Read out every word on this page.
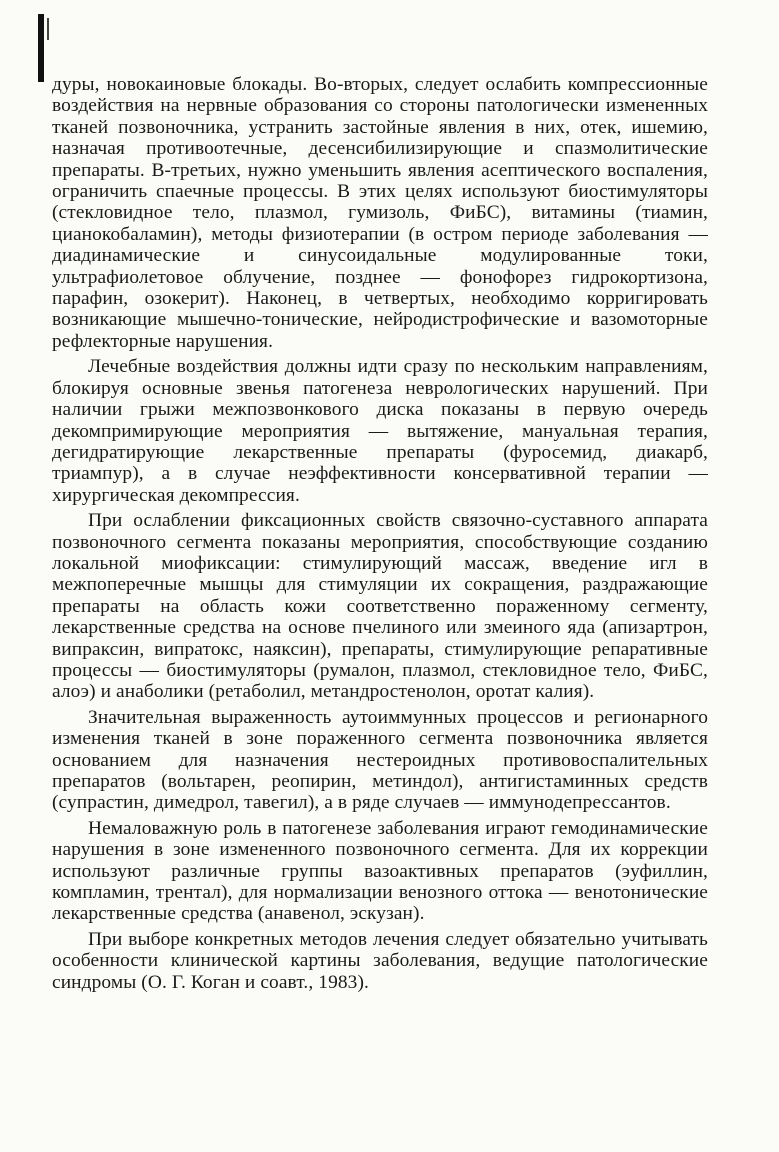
дуры, новокаиновые блокады. Во-вторых, следует ослабить компрессионные воздействия на нервные образования со стороны патологически измененных тканей позвоночника, устранить застойные явления в них, отек, ишемию, назначая противоотечные, десенсибилизирующие и спазмолитические препараты. В-третьих, нужно уменьшить явления асептического воспаления, ограничить спаечные процессы. В этих целях используют биостимуляторы (стекловидное тело, плазмол, гумизоль, ФиБС), витамины (тиамин, цианокобаламин), методы физиотерапии (в остром периоде заболевания — диадинамические и синусоидальные модулированные токи, ультрафиолетовое облучение, позднее — фонофорез гидрокортизона, парафин, озокерит). Наконец, в четвертых, необходимо корригировать возникающие мышечно-тонические, нейродистрофические и вазомоторные рефлекторные нарушения.

Лечебные воздействия должны идти сразу по нескольким направлениям, блокируя основные звенья патогенеза неврологических нарушений. При наличии грыжи межпозвонкового диска показаны в первую очередь декомпримирующие мероприятия — вытяжение, мануальная терапия, дегидратирующие лекарственные препараты (фуросемид, диакарб, триампур), а в случае неэффективности консервативной терапии — хирургическая декомпрессия.

При ослаблении фиксационных свойств связочно-суставного аппарата позвоночного сегмента показаны мероприятия, способствующие созданию локальной миофиксации: стимулирующий массаж, введение игл в межпоперечные мышцы для стимуляции их сокращения, раздражающие препараты на область кожи соответственно пораженному сегменту, лекарственные средства на основе пчелиного или змеиного яда (апизартрон, випраксин, випратокс, наяксин), препараты, стимулирующие репаративные процессы — биостимуляторы (румалон, плазмол, стекловидное тело, ФиБС, алоэ) и анаболики (ретаболил, метандростенолон, оротат калия).

Значительная выраженность аутоиммунных процессов и регионарного изменения тканей в зоне пораженного сегмента позвоночника является основанием для назначения нестероидных противовоспалительных препаратов (вольтарен, реопирин, метиндол), антигистаминных средств (супрастин, димедрол, тавегил), а в ряде случаев — иммунодепрессантов.

Немаловажную роль в патогенезе заболевания играют гемодинамические нарушения в зоне измененного позвоночного сегмента. Для их коррекции используют различные группы вазоактивных препаратов (эуфиллин, компламин, трентал), для нормализации венозного оттока — венотонические лекарственные средства (анавенол, эскузан).

При выборе конкретных методов лечения следует обязательно учитывать особенности клинической картины заболевания, ведущие патологические синдромы (О. Г. Коган и соавт., 1983).
